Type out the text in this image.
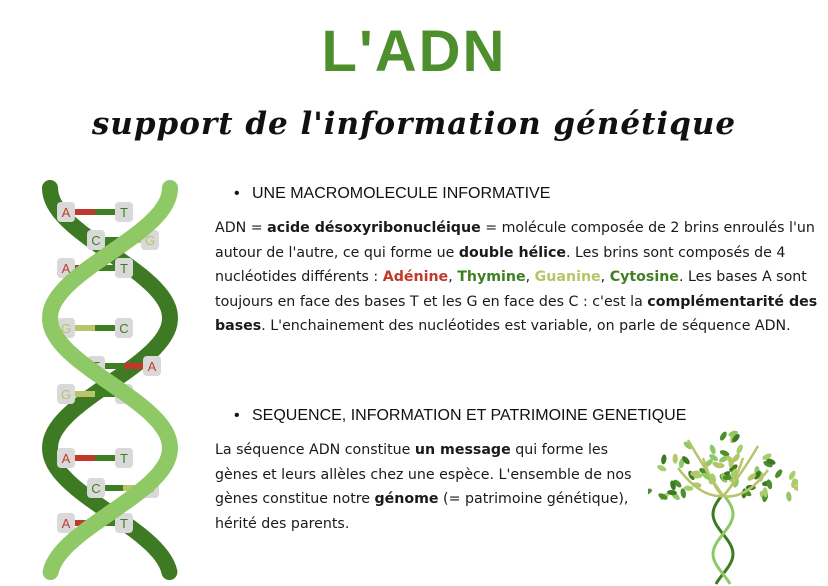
L'ADN
support de l'information génétique
A	T
C	G
A	T
G	C
T	A
G	C
A	T
C	G
A	T
• UNE MACROMOLECULE INFORMATIVE

ADN = acide désoxyribonucléique = molécule composée de 2 brins enroulés l'un autour de l'autre, ce qui forme ue double hélice. Les brins sont composés de 4 nucléotides différents : Adénine, Thymine, Guanine, Cytosine. Les bases A sont toujours en face des bases T et les G en face des C : c'est la complémentarité des bases. L'enchainement des nucléotides est variable, on parle de séquence ADN.

• SEQUENCE, INFORMATION ET PATRIMOINE GENETIQUE

La séquence ADN constitue un message qui forme les gènes et leurs allèles chez une espèce. L'ensemble de nos gènes constitue notre génome (= patrimoine génétique), hérité des parents.
